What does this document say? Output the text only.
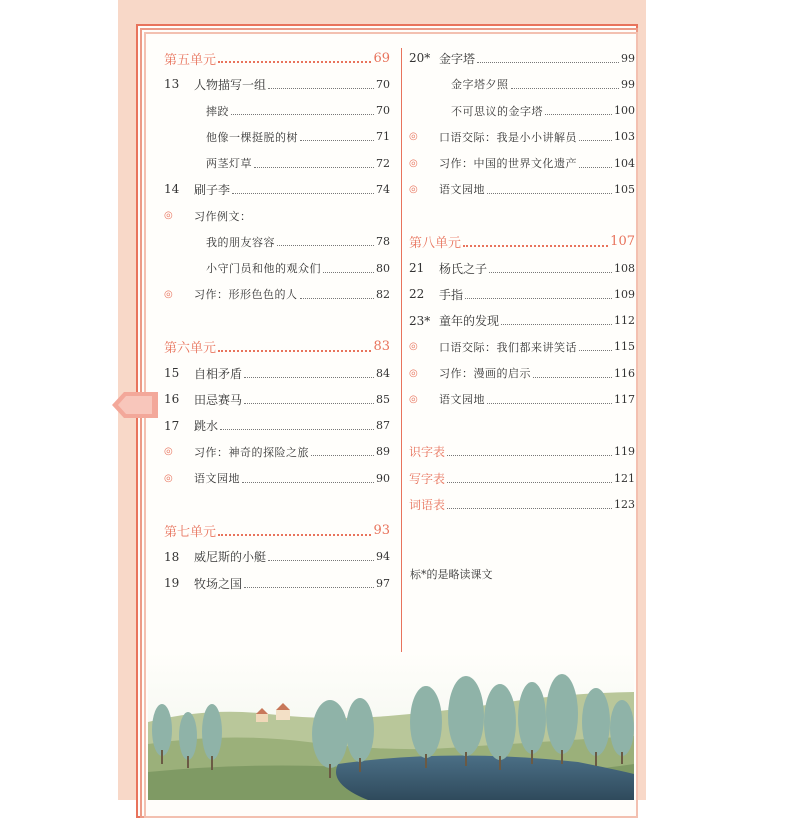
第五单元	69
13	人物描写一组	70
摔跤	70
他像一棵挺脱的树	71
两茎灯草	72
14	刷子李	74
◎	习作例文：
我的朋友容容	78
小守门员和他的观众们	80
◎	习作：形形色色的人	82
第六单元	83
15	自相矛盾	84
16	田忌赛马	85
17	跳水	87
◎	习作：神奇的探险之旅	89
◎	语文园地	90
第七单元	93
18	威尼斯的小艇	94
19	牧场之国	97
20* 金字塔	99
金字塔夕照	99
不可思议的金字塔	100
◎	口语交际：我是小小讲解员	103
◎	习作：中国的世界文化遗产	104
◎	语文园地	105
第八单元	107
21	杨氏之子	108
22	手指	109
23* 童年的发现	112
◎	口语交际：我们都来讲笑话	115
◎	习作：漫画的启示	116
◎	语文园地	117
识字表	119
写字表	121
词语表	123
标*的是略读课文
